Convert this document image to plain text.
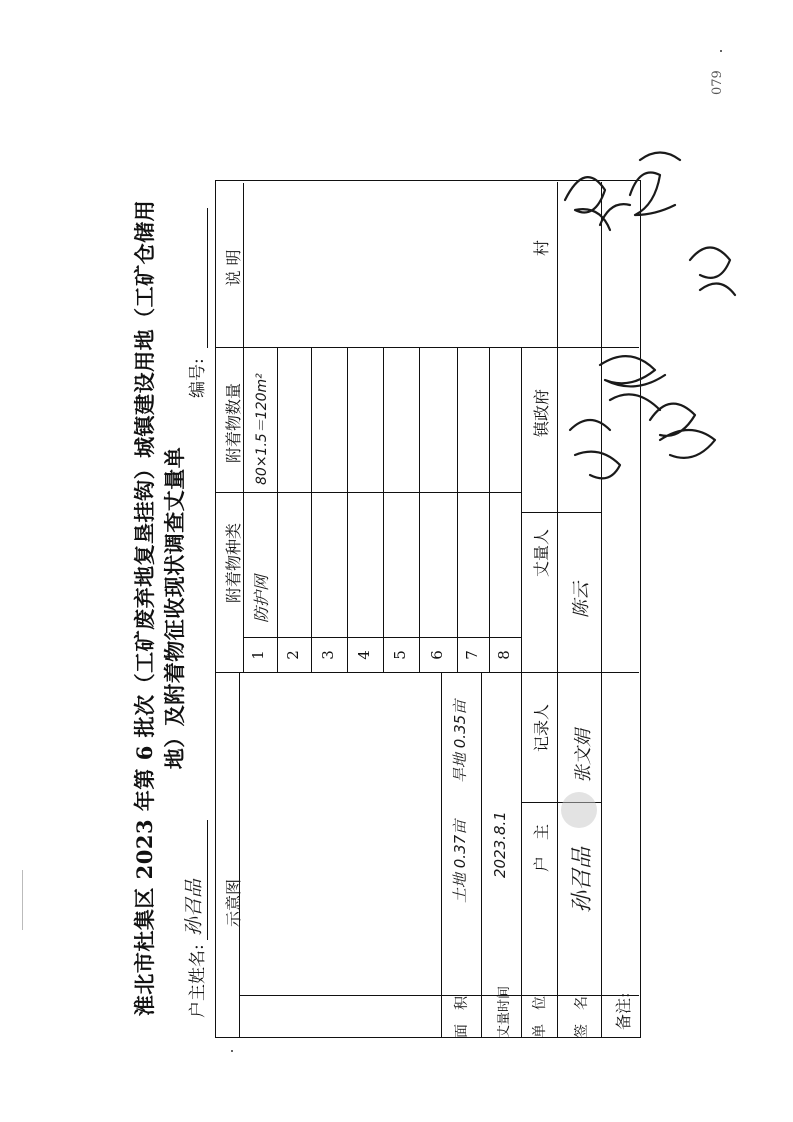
淮北市杜集区 2023 年第 6 批次（工矿废弃地复垦挂钩）城镇建设用地（工矿仓储用 地）及附着物征收现状调查丈量单
户主姓名:
孙召品
编号:
示意图
附着物种类
附着物数量
说 明
1 2 3 4 5 6 7 8
防护网
80×1.5＝120m²
面　积
土地 0.37亩
旱地 0.35亩
丈量时间
2023.8.1
单　位
户　主
记录人
丈量人
镇政府
村
签　名
孙召品
张文娟
陈云
备注:
079
